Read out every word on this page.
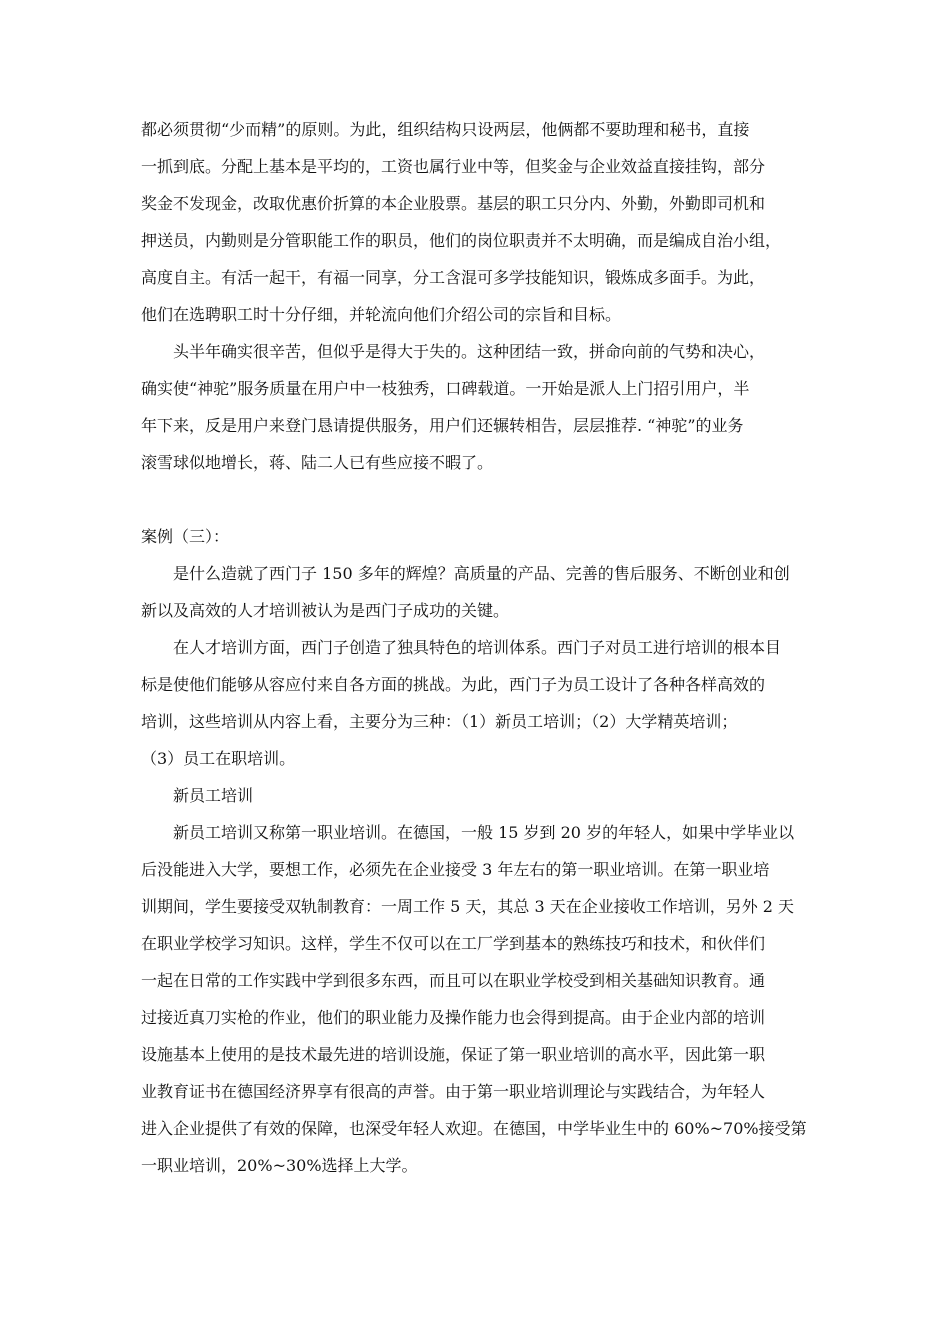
都必须贯彻“少而精”的原则。为此，组织结构只设两层，他俩都不要助理和秘书，直接
一抓到底。分配上基本是平均的，工资也属行业中等，但奖金与企业效益直接挂钩，部分
奖金不发现金，改取优惠价折算的本企业股票。基层的职工只分内、外勤，外勤即司机和
押送员，内勤则是分管职能工作的职员，他们的岗位职责并不太明确，而是编成自治小组，
高度自主。有活一起干，有福一同享，分工含混可多学技能知识，锻炼成多面手。为此，
他们在选聘职工时十分仔细，并轮流向他们介绍公司的宗旨和目标。
头半年确实很辛苦，但似乎是得大于失的。这种团结一致，拼命向前的气势和决心，
确实使“神驼”服务质量在用户中一枝独秀，口碑载道。一开始是派人上门招引用户，半
年下来，反是用户来登门恳请提供服务，用户们还辗转相告，层层推荐. “神驼”的业务
滚雪球似地增长，蒋、陆二人已有些应接不暇了。
案例（三）：
是什么造就了西门子 150 多年的辉煌？高质量的产品、完善的售后服务、不断创业和创
新以及高效的人才培训被认为是西门子成功的关键。
在人才培训方面，西门子创造了独具特色的培训体系。西门子对员工进行培训的根本目
标是使他们能够从容应付来自各方面的挑战。为此，西门子为员工设计了各种各样高效的
培训，这些培训从内容上看，主要分为三种：（1）新员工培训；（2）大学精英培训；
（3）员工在职培训。
新员工培训
新员工培训又称第一职业培训。在德国，一般 15 岁到 20 岁的年轻人，如果中学毕业以
后没能进入大学，要想工作，必须先在企业接受 3 年左右的第一职业培训。在第一职业培
训期间，学生要接受双轨制教育：一周工作 5 天，其总 3 天在企业接收工作培训，另外 2 天
在职业学校学习知识。这样，学生不仅可以在工厂学到基本的熟练技巧和技术，和伙伴们
一起在日常的工作实践中学到很多东西，而且可以在职业学校受到相关基础知识教育。通
过接近真刀实枪的作业，他们的职业能力及操作能力也会得到提高。由于企业内部的培训
设施基本上使用的是技术最先进的培训设施，保证了第一职业培训的高水平，因此第一职
业教育证书在德国经济界享有很高的声誉。由于第一职业培训理论与实践结合，为年轻人
进入企业提供了有效的保障，也深受年轻人欢迎。在德国，中学毕业生中的 60%~70%接受第
一职业培训，20%~30%选择上大学。
